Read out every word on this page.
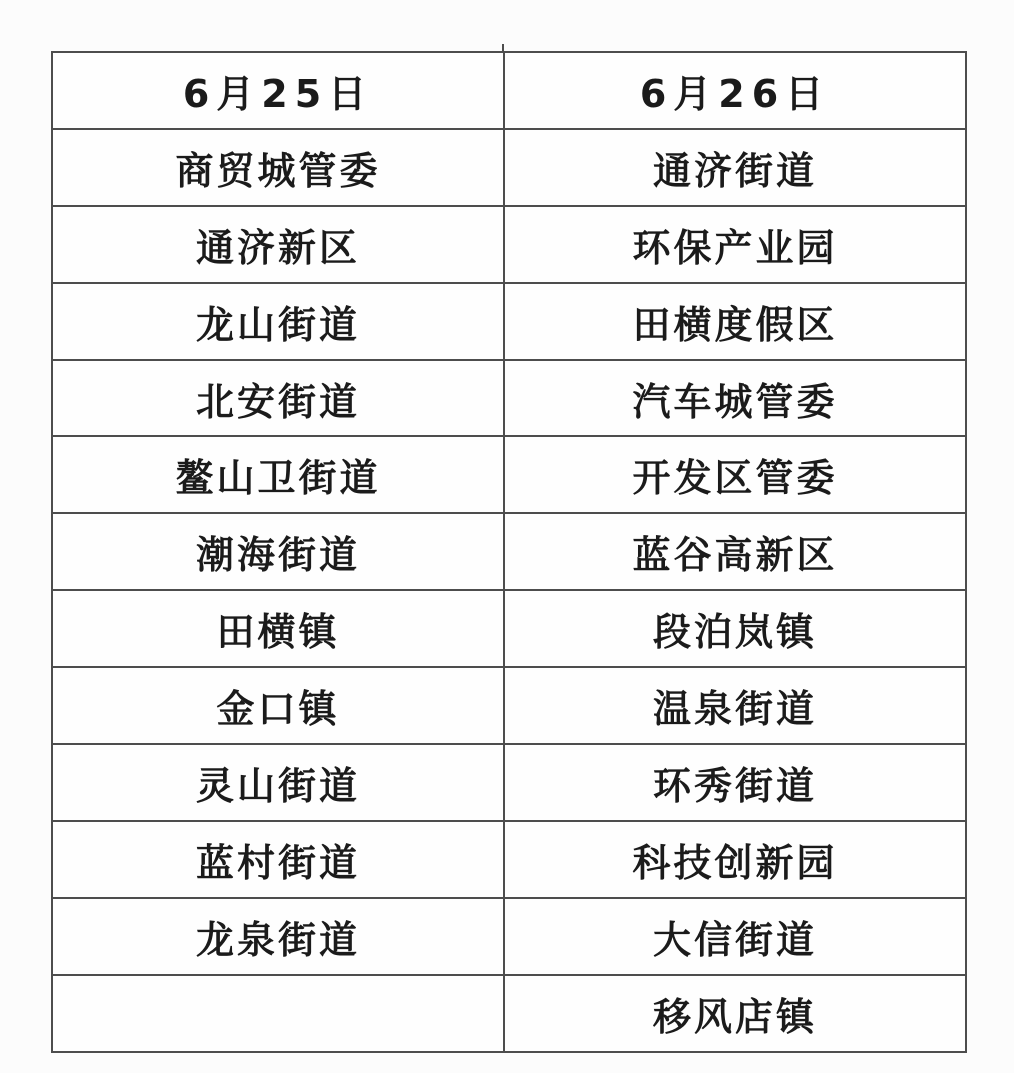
6月25日	6月26日
商贸城管委	通济街道
通济新区	环保产业园
龙山街道	田横度假区
北安街道	汽车城管委
鳌山卫街道	开发区管委
潮海街道	蓝谷高新区
田横镇	段泊岚镇
金口镇	温泉街道
灵山街道	环秀街道
蓝村街道	科技创新园
龙泉街道	大信街道
	移风店镇
